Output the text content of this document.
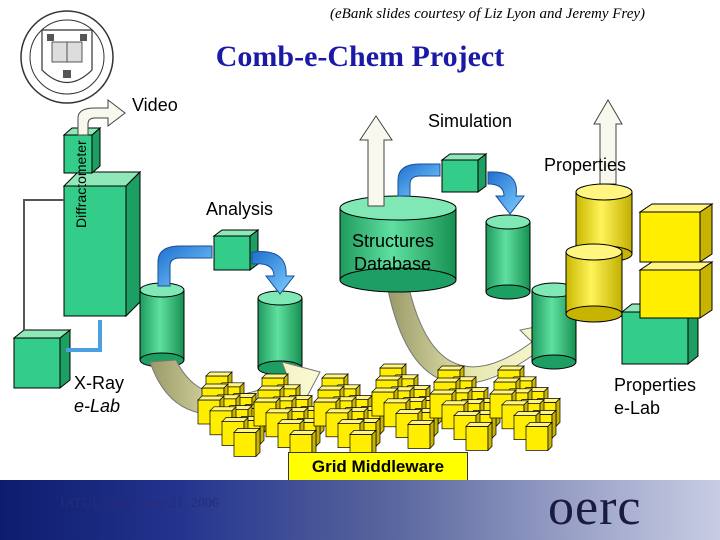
(eBank slides courtesy of Liz Lyon and Jeremy Frey)
Comb-e-Chem Project
Video
Simulation
Properties
Analysis
Structures
Database
Diffractometer
X-Ray
e-Lab
Properties
e-Lab
Grid Middleware
IATUL Porto, May 21, 2006	oerc
